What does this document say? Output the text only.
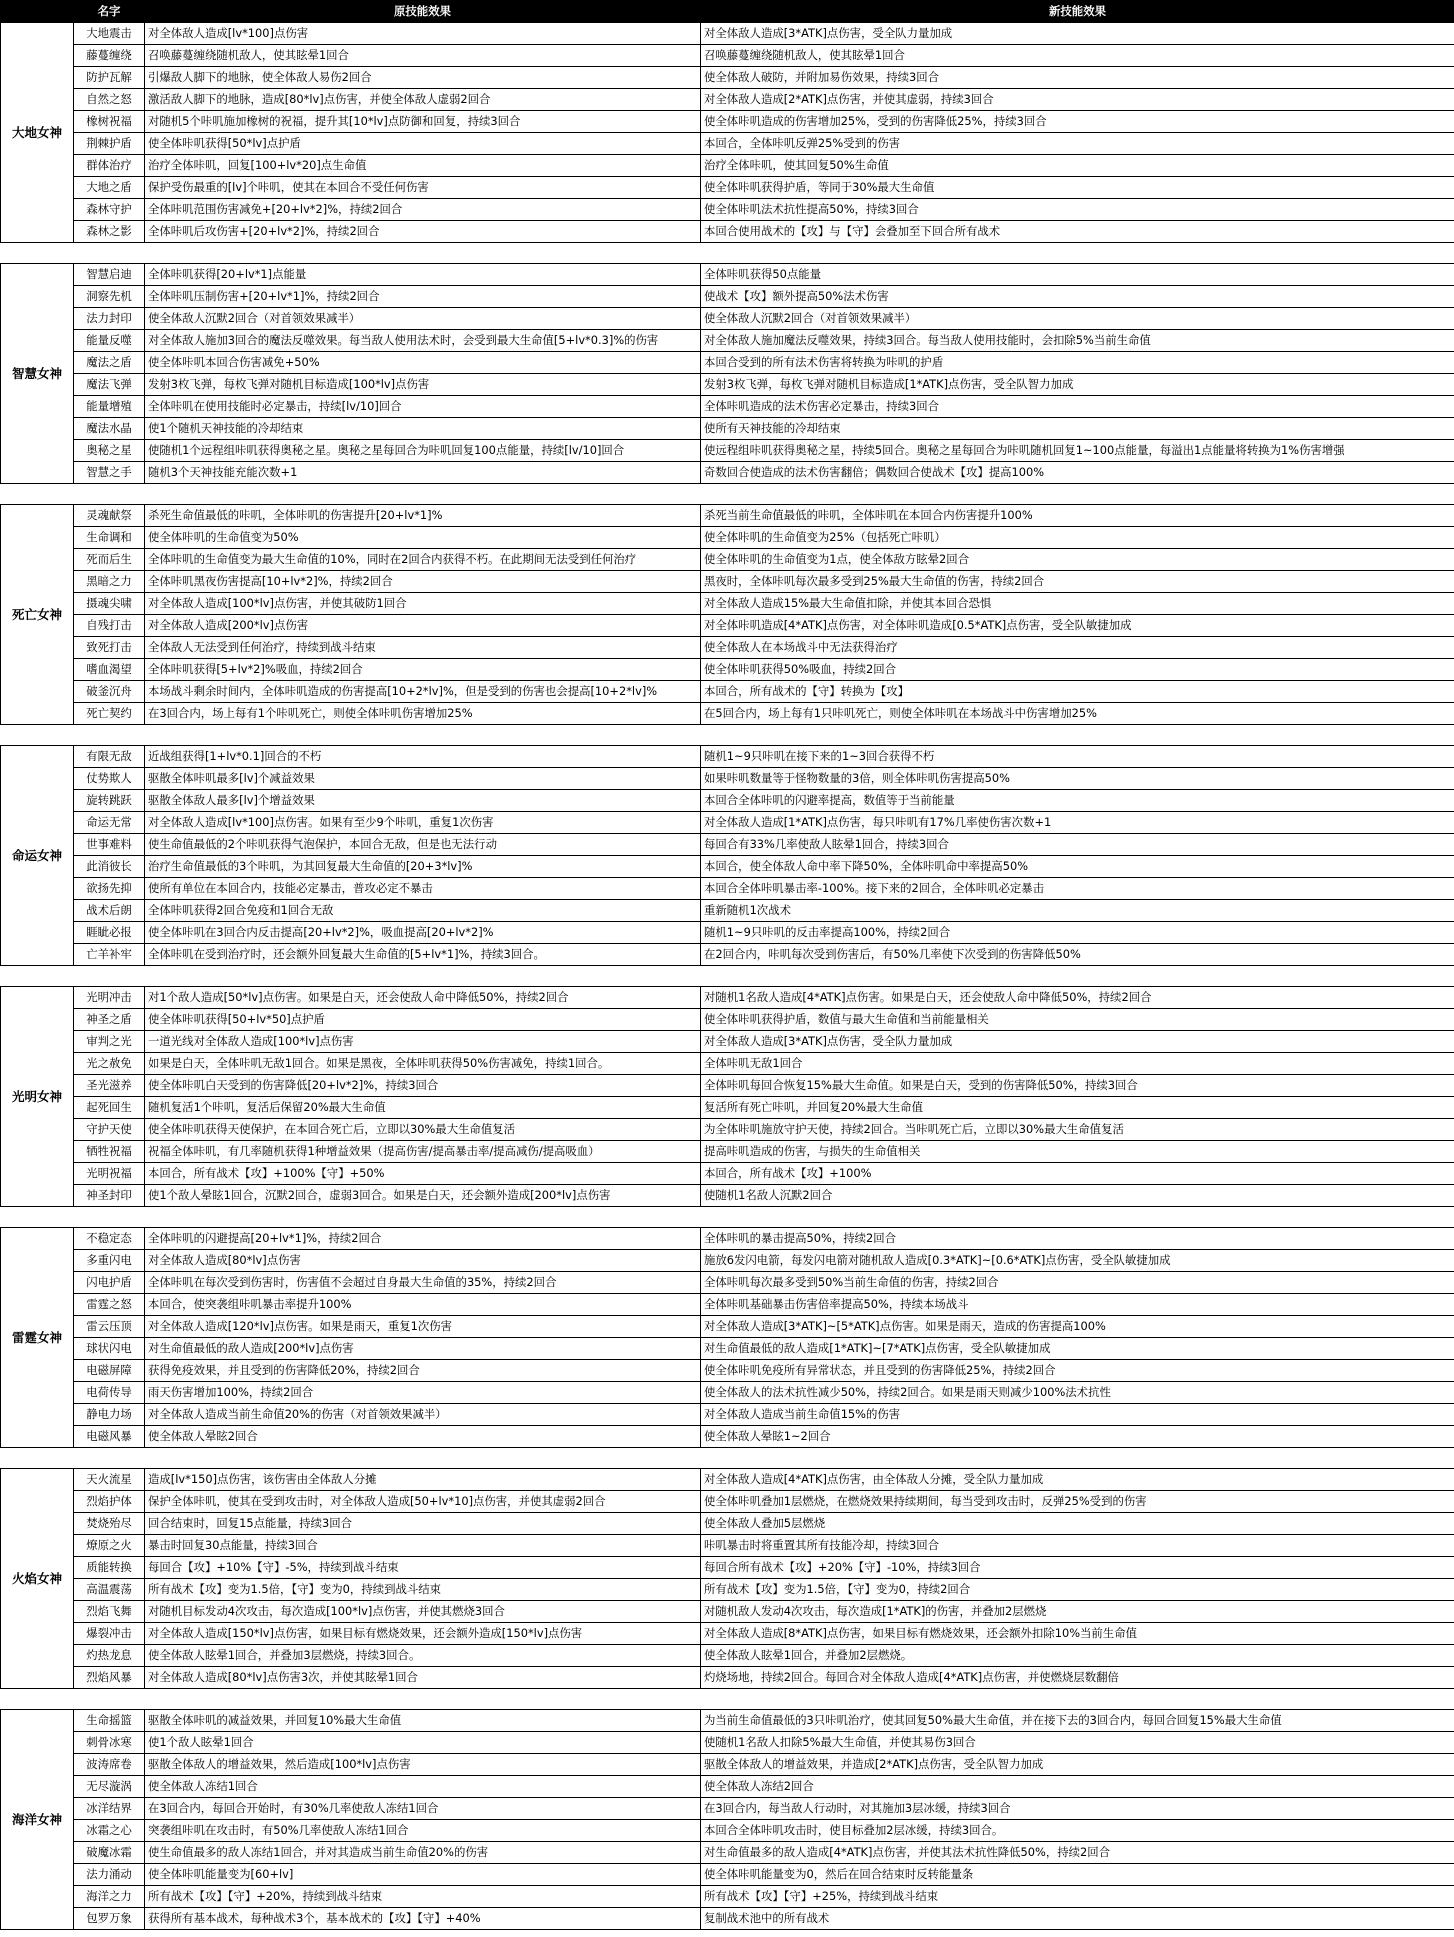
	名字	原技能效果	新技能效果
大地女神	大地震击	对全体敌人造成[lv*100]点伤害	对全体敌人造成[3*ATK]点伤害，受全队力量加成
	藤蔓缠绕	召唤藤蔓缠绕随机敌人，使其眩晕1回合	召唤藤蔓缠绕随机敌人，使其眩晕1回合
	防护瓦解	引爆敌人脚下的地脉，使全体敌人易伤2回合	使全体敌人破防，并附加易伤效果，持续3回合
	自然之怒	激活敌人脚下的地脉，造成[80*lv]点伤害，并使全体敌人虚弱2回合	对全体敌人造成[2*ATK]点伤害，并使其虚弱，持续3回合
	橡树祝福	对随机5个咔叽施加橡树的祝福，提升其[10*lv]点防御和回复，持续3回合	使全体咔叽造成的伤害增加25%，受到的伤害降低25%，持续3回合
	荆棘护盾	使全体咔叽获得[50*lv]点护盾	本回合，全体咔叽反弹25%受到的伤害
	群体治疗	治疗全体咔叽，回复[100+lv*20]点生命值	治疗全体咔叽，使其回复50%生命值
	大地之盾	保护受伤最重的[lv]个咔叽，使其在本回合不受任何伤害	使全体咔叽获得护盾，等同于30%最大生命值
	森林守护	全体咔叽范围伤害减免+[20+lv*2]%，持续2回合	使全体咔叽法术抗性提高50%，持续3回合
	森林之影	全体咔叽后攻伤害+[20+lv*2]%，持续2回合	本回合使用战术的【攻】与【守】会叠加至下回合所有战术

智慧女神	智慧启迪	全体咔叽获得[20+lv*1]点能量	全体咔叽获得50点能量
	洞察先机	全体咔叽压制伤害+[20+lv*1]%，持续2回合	使战术【攻】额外提高50%法术伤害
	法力封印	使全体敌人沉默2回合（对首领效果减半）	使全体敌人沉默2回合（对首领效果减半）
	能量反噬	对全体敌人施加3回合的魔法反噬效果。每当敌人使用法术时，会受到最大生命值[5+lv*0.3]%的伤害	对全体敌人施加魔法反噬效果，持续3回合。每当敌人使用技能时，会扣除5%当前生命值
	魔法之盾	使全体咔叽本回合伤害减免+50%	本回合受到的所有法术伤害将转换为咔叽的护盾
	魔法飞弹	发射3枚飞弹，每枚飞弹对随机目标造成[100*lv]点伤害	发射3枚飞弹，每枚飞弹对随机目标造成[1*ATK]点伤害，受全队智力加成
	能量增殖	全体咔叽在使用技能时必定暴击，持续[lv/10]回合	全体咔叽造成的法术伤害必定暴击，持续3回合
	魔法水晶	使1个随机天神技能的冷却结束	使所有天神技能的冷却结束
	奥秘之星	使随机1个远程组咔叽获得奥秘之星。奥秘之星每回合为咔叽回复100点能量，持续[lv/10]回合	使远程组咔叽获得奥秘之星，持续5回合。奥秘之星每回合为咔叽随机回复1~100点能量，每溢出1点能量将转换为1%伤害增强
	智慧之手	随机3个天神技能充能次数+1	奇数回合使造成的法术伤害翻倍；偶数回合使战术【攻】提高100%

死亡女神	灵魂献祭	杀死生命值最低的咔叽，全体咔叽的伤害提升[20+lv*1]%	杀死当前生命值最低的咔叽，全体咔叽在本回合内伤害提升100%
	生命调和	使全体咔叽的生命值变为50%	使全体咔叽的生命值变为25%（包括死亡咔叽）
	死而后生	全体咔叽的生命值变为最大生命值的10%，同时在2回合内获得不朽。在此期间无法受到任何治疗	使全体咔叽的生命值变为1点，使全体敌方眩晕2回合
	黑暗之力	全体咔叽黑夜伤害提高[10+lv*2]%，持续2回合	黑夜时，全体咔叽每次最多受到25%最大生命值的伤害，持续2回合
	摄魂尖啸	对全体敌人造成[100*lv]点伤害，并使其破防1回合	对全体敌人造成15%最大生命值扣除，并使其本回合恐惧
	自残打击	对全体敌人造成[200*lv]点伤害	对全体咔叽造成[4*ATK]点伤害，对全体咔叽造成[0.5*ATK]点伤害，受全队敏捷加成
	致死打击	全体敌人无法受到任何治疗，持续到战斗结束	使全体敌人在本场战斗中无法获得治疗
	嗜血渴望	全体咔叽获得[5+lv*2]%吸血，持续2回合	使全体咔叽获得50%吸血，持续2回合
	破釜沉舟	本场战斗剩余时间内，全体咔叽造成的伤害提高[10+2*lv]%，但是受到的伤害也会提高[10+2*lv]%	本回合，所有战术的【守】转换为【攻】
	死亡契约	在3回合内，场上每有1个咔叽死亡，则使全体咔叽伤害增加25%	在5回合内，场上每有1只咔叽死亡，则使全体咔叽在本场战斗中伤害增加25%

命运女神	有限无敌	近战组获得[1+lv*0.1]回合的不朽	随机1~9只咔叽在接下来的1~3回合获得不朽
	仗势欺人	驱散全体咔叽最多[lv]个减益效果	如果咔叽数量等于怪物数量的3倍，则全体咔叽伤害提高50%
	旋转跳跃	驱散全体敌人最多[lv]个增益效果	本回合全体咔叽的闪避率提高，数值等于当前能量
	命运无常	对全体敌人造成[lv*100]点伤害。如果有至少9个咔叽，重复1次伤害	对全体敌人造成[1*ATK]点伤害，每只咔叽有17%几率使伤害次数+1
	世事难料	使生命值最低的2个咔叽获得气泡保护，本回合无敌，但是也无法行动	每回合有33%几率使敌人眩晕1回合，持续3回合
	此消彼长	治疗生命值最低的3个咔叽，为其回复最大生命值的[20+3*lv]%	本回合，使全体敌人命中率下降50%，全体咔叽命中率提高50%
	欲扬先抑	使所有单位在本回合内，技能必定暴击，普攻必定不暴击	本回合全体咔叽暴击率-100%。接下来的2回合，全体咔叽必定暴击
	战术后朗	全体咔叽获得2回合免疫和1回合无敌	重新随机1次战术
	睚眦必报	使全体咔叽在3回合内反击提高[20+lv*2]%，吸血提高[20+lv*2]%	随机1~9只咔叽的反击率提高100%，持续2回合
	亡羊补牢	全体咔叽在受到治疗时，还会额外回复最大生命值的[5+lv*1]%，持续3回合。	在2回合内，咔叽每次受到伤害后，有50%几率使下次受到的伤害降低50%

光明女神	光明冲击	对1个敌人造成[50*lv]点伤害。如果是白天，还会使敌人命中降低50%，持续2回合	对随机1名敌人造成[4*ATK]点伤害。如果是白天，还会使敌人命中降低50%，持续2回合
	神圣之盾	使全体咔叽获得[50+lv*50]点护盾	使全体咔叽获得护盾，数值与最大生命值和当前能量相关
	审判之光	一道光线对全体敌人造成[100*lv]点伤害	对全体敌人造成[3*ATK]点伤害，受全队力量加成
	光之赦免	如果是白天，全体咔叽无敌1回合。如果是黑夜，全体咔叽获得50%伤害减免，持续1回合。	全体咔叽无敌1回合
	圣光滋养	使全体咔叽白天受到的伤害降低[20+lv*2]%，持续3回合	全体咔叽每回合恢复15%最大生命值。如果是白天，受到的伤害降低50%，持续3回合
	起死回生	随机复活1个咔叽，复活后保留20%最大生命值	复活所有死亡咔叽，并回复20%最大生命值
	守护天使	使全体咔叽获得天使保护，在本回合死亡后，立即以30%最大生命值复活	为全体咔叽施放守护天使，持续2回合。当咔叽死亡后，立即以30%最大生命值复活
	牺牲祝福	祝福全体咔叽，有几率随机获得1种增益效果（提高伤害/提高暴击率/提高减伤/提高吸血）	提高咔叽造成的伤害，与损失的生命值相关
	光明祝福	本回合，所有战术【攻】+100%【守】+50%	本回合，所有战术【攻】+100%
	神圣封印	使1个敌人晕眩1回合，沉默2回合，虚弱3回合。如果是白天，还会额外造成[200*lv]点伤害	使随机1名敌人沉默2回合

雷霆女神	不稳定态	全体咔叽的闪避提高[20+lv*1]%，持续2回合	全体咔叽的暴击提高50%，持续2回合
	多重闪电	对全体敌人造成[80*lv]点伤害	施放6发闪电箭，每发闪电箭对随机敌人造成[0.3*ATK]~[0.6*ATK]点伤害，受全队敏捷加成
	闪电护盾	全体咔叽在每次受到伤害时，伤害值不会超过自身最大生命值的35%，持续2回合	全体咔叽每次最多受到50%当前生命值的伤害，持续2回合
	雷霆之怒	本回合，使突袭组咔叽暴击率提升100%	全体咔叽基础暴击伤害倍率提高50%，持续本场战斗
	雷云压顶	对全体敌人造成[120*lv]点伤害。如果是雨天，重复1次伤害	对全体敌人造成[3*ATK]~[5*ATK]点伤害。如果是雨天，造成的伤害提高100%
	球状闪电	对生命值最低的敌人造成[200*lv]点伤害	对生命值最低的敌人造成[1*ATK]~[7*ATK]点伤害，受全队敏捷加成
	电磁屏障	获得免疫效果，并且受到的伤害降低20%，持续2回合	使全体咔叽免疫所有异常状态，并且受到的伤害降低25%，持续2回合
	电荷传导	雨天伤害增加100%，持续2回合	使全体敌人的法术抗性减少50%，持续2回合。如果是雨天则减少100%法术抗性
	静电力场	对全体敌人造成当前生命值20%的伤害（对首领效果减半）	对全体敌人造成当前生命值15%的伤害
	电磁风暴	使全体敌人晕眩2回合	使全体敌人晕眩1~2回合

火焰女神	天火流星	造成[lv*150]点伤害，该伤害由全体敌人分摊	对全体敌人造成[4*ATK]点伤害，由全体敌人分摊，受全队力量加成
	烈焰护体	保护全体咔叽，使其在受到攻击时，对全体敌人造成[50+lv*10]点伤害，并使其虚弱2回合	使全体咔叽叠加1层燃烧，在燃烧效果持续期间，每当受到攻击时，反弹25%受到的伤害
	焚烧殆尽	回合结束时，回复15点能量，持续3回合	使全体敌人叠加5层燃烧
	燎原之火	暴击时回复30点能量，持续3回合	咔叽暴击时将重置其所有技能冷却，持续3回合
	质能转换	每回合【攻】+10%【守】-5%，持续到战斗结束	每回合所有战术【攻】+20%【守】-10%，持续3回合
	高温震荡	所有战术【攻】变为1.5倍，【守】变为0，持续到战斗结束	所有战术【攻】变为1.5倍，【守】变为0，持续2回合
	烈焰飞舞	对随机目标发动4次攻击，每次造成[100*lv]点伤害，并使其燃烧3回合	对随机敌人发动4次攻击，每次造成[1*ATK]的伤害，并叠加2层燃烧
	爆裂冲击	对全体敌人造成[150*lv]点伤害，如果目标有燃烧效果，还会额外造成[150*lv]点伤害	对全体敌人造成[8*ATK]点伤害，如果目标有燃烧效果，还会额外扣除10%当前生命值
	灼热龙息	使全体敌人眩晕1回合，并叠加3层燃烧，持续3回合。	使全体敌人眩晕1回合，并叠加2层燃烧。
	烈焰风暴	对全体敌人造成[80*lv]点伤害3次，并使其眩晕1回合	灼烧场地，持续2回合。每回合对全体敌人造成[4*ATK]点伤害，并使燃烧层数翻倍

海洋女神	生命摇篮	驱散全体咔叽的减益效果，并回复10%最大生命值	为当前生命值最低的3只咔叽治疗，使其回复50%最大生命值，并在接下去的3回合内，每回合回复15%最大生命值
	刺骨冰寒	使1个敌人眩晕1回合	使随机1名敌人扣除5%最大生命值，并使其易伤3回合
	波涛席卷	驱散全体敌人的增益效果，然后造成[100*lv]点伤害	驱散全体敌人的增益效果，并造成[2*ATK]点伤害，受全队智力加成
	无尽漩涡	使全体敌人冻结1回合	使全体敌人冻结2回合
	冰洋结界	在3回合内，每回合开始时，有30%几率使敌人冻结1回合	在3回合内，每当敌人行动时，对其施加3层冰缓，持续3回合
	冰霜之心	突袭组咔叽在攻击时，有50%几率使敌人冻结1回合	本回合全体咔叽攻击时，使目标叠加2层冰缓，持续3回合。
	破魔冰霜	使生命值最多的敌人冻结1回合，并对其造成当前生命值20%的伤害	对生命值最多的敌人造成[4*ATK]点伤害，并使其法术抗性降低50%，持续2回合
	法力涌动	使全体咔叽能量变为[60+lv]	使全体咔叽能量变为0，然后在回合结束时反转能量条
	海洋之力	所有战术【攻】【守】+20%，持续到战斗结束	所有战术【攻】【守】+25%，持续到战斗结束
	包罗万象	获得所有基本战术，每种战术3个，基本战术的【攻】【守】+40%	复制战术池中的所有战术
